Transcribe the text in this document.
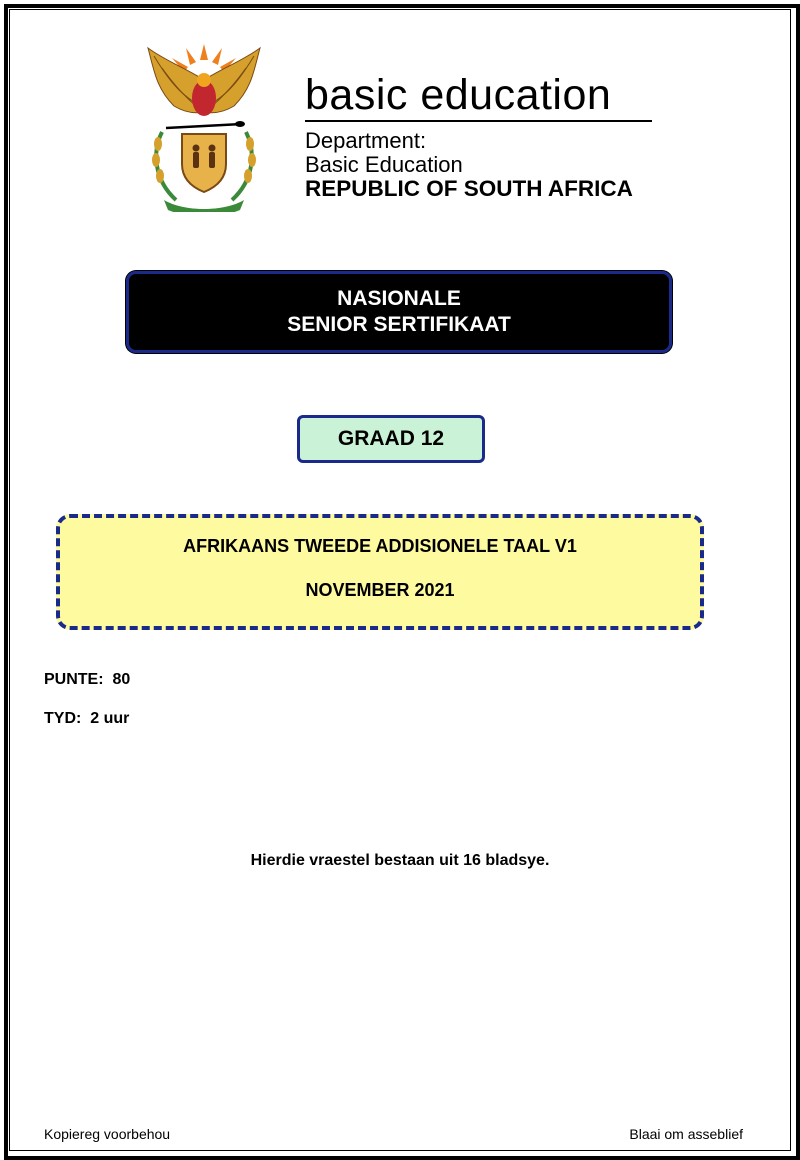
basic education
Department:
Basic Education
REPUBLIC OF SOUTH AFRICA
NASIONALE
SENIOR SERTIFIKAAT
GRAAD 12
AFRIKAANS TWEEDE ADDISIONELE TAAL V1
NOVEMBER 2021
PUNTE:  80
TYD:  2 uur
Hierdie vraestel bestaan uit 16 bladsye.
Kopiereg voorbehou	Blaai om asseblief
